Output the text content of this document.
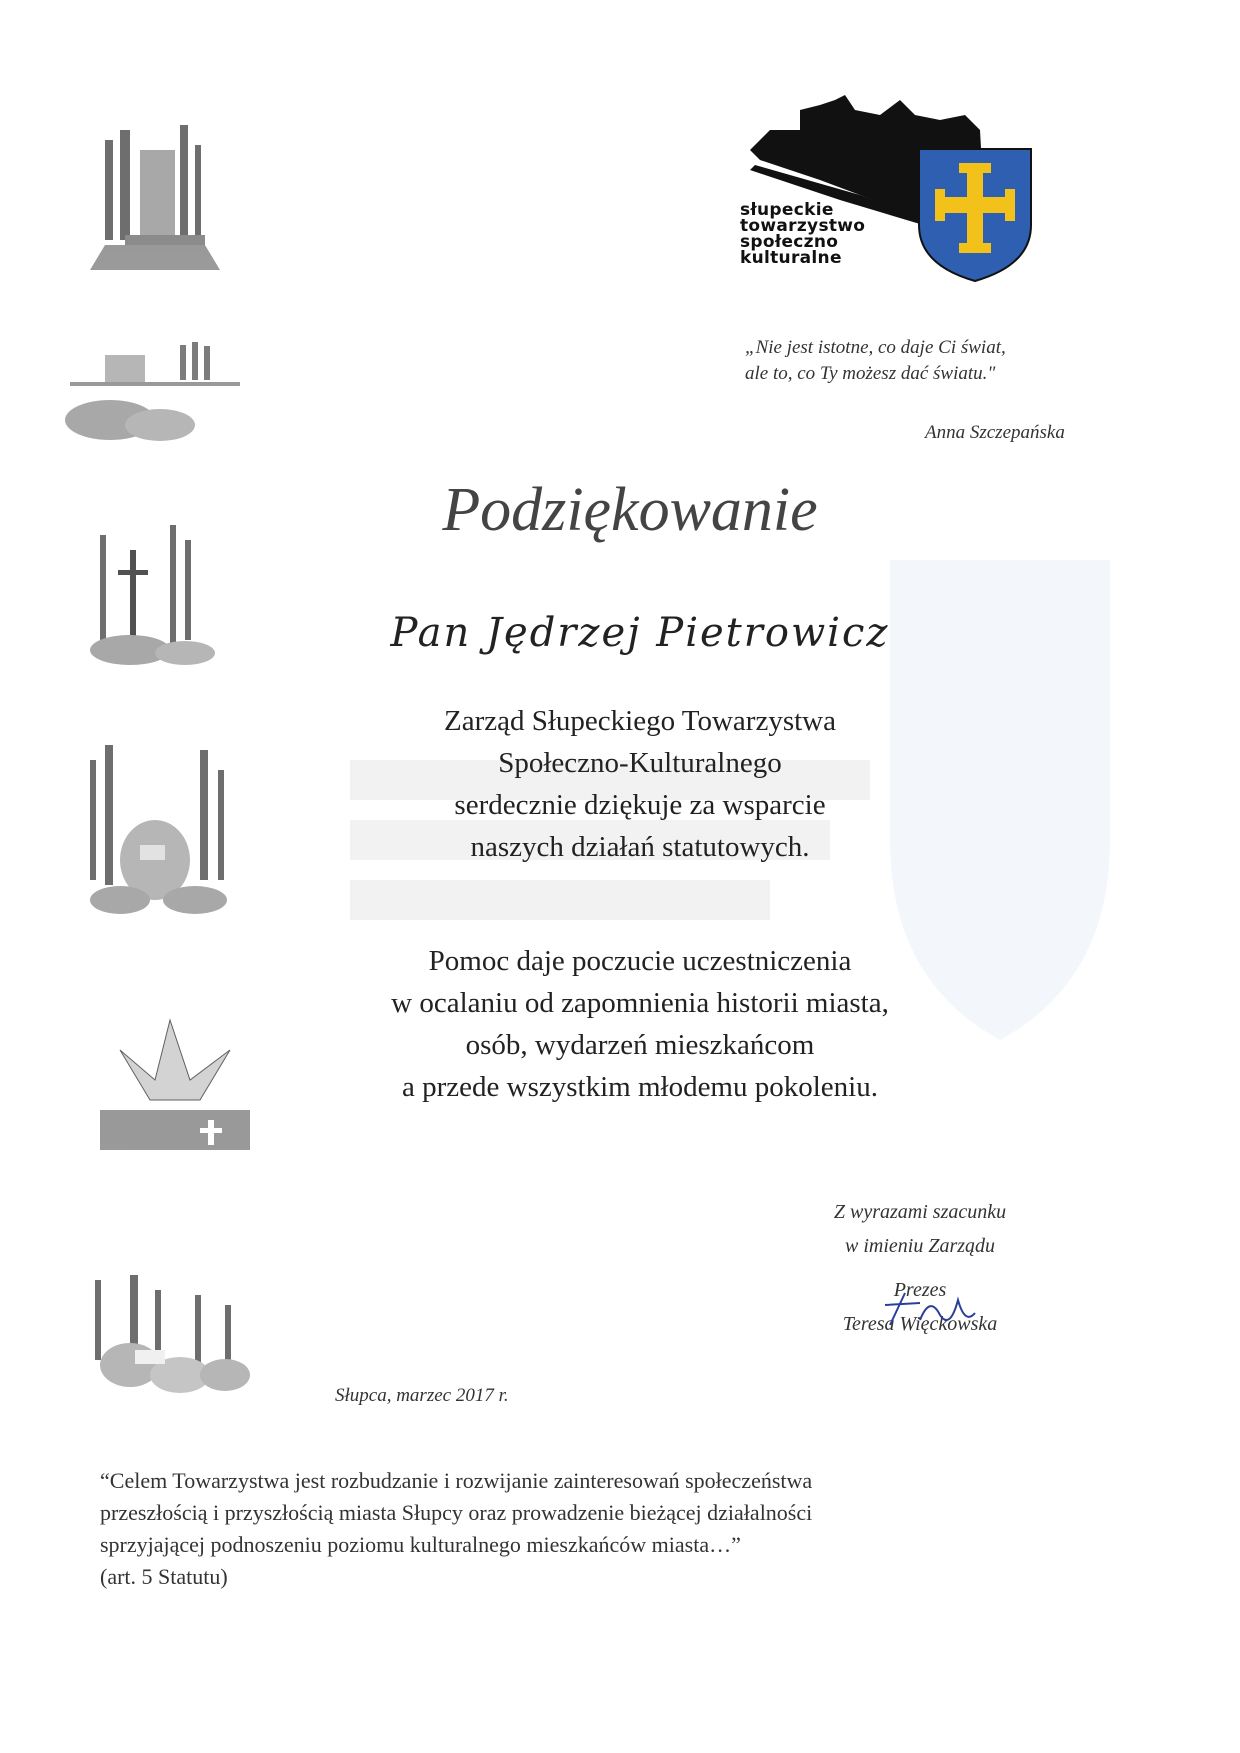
słupeckie
towarzystwo
społeczno
kulturalne
„Nie jest istotne, co daje Ci świat,
ale to, co Ty możesz dać światu."
Anna Szczepańska
Podziękowanie
Pan Jędrzej Pietrowicz
Zarząd Słupeckiego Towarzystwa
Społeczno-Kulturalnego
serdecznie dziękuje za wsparcie
naszych działań statutowych.
Pomoc daje poczucie uczestniczenia
w ocalaniu od zapomnienia historii miasta,
osób, wydarzeń mieszkańcom
a przede wszystkim młodemu pokoleniu.
Z wyrazami szacunku
w imieniu Zarządu
Prezes
Teresa Więckowska
Słupca, marzec 2017 r.
“Celem Towarzystwa jest rozbudzanie i rozwijanie zainteresowań społeczeństwa
przeszłością i przyszłością miasta Słupcy oraz prowadzenie bieżącej działalności
sprzyjającej podnoszeniu poziomu kulturalnego mieszkańców miasta…”
(art. 5 Statutu)
